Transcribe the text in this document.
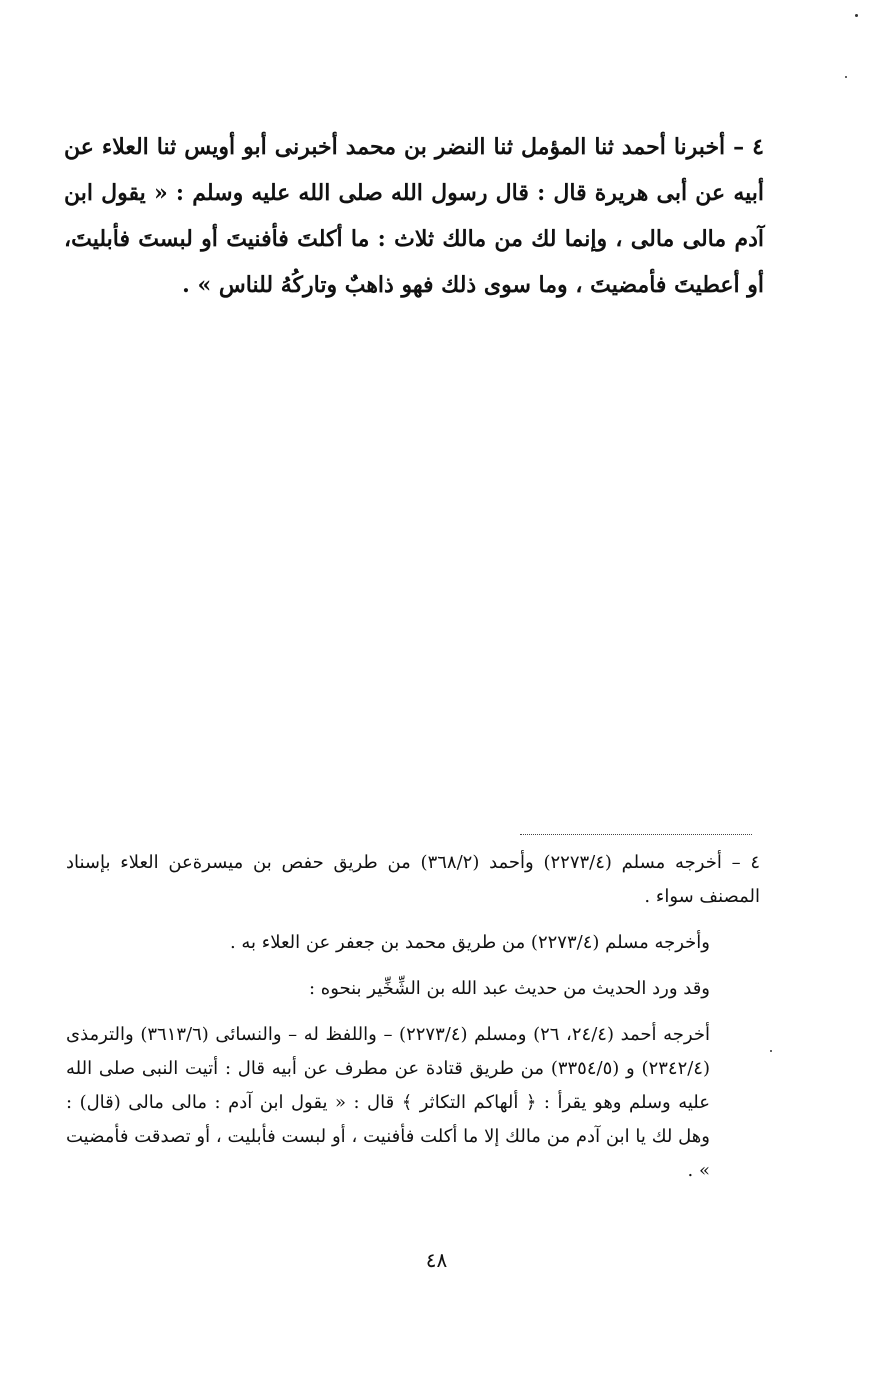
٤ – أخبرنا أحمد ثنا المؤمل ثنا النضر بن محمد أخبرنى أبو أويس ثنا العلاء عن أبيه عن أبى هريرة قال : قال رسول الله صلى الله عليه وسلم : « يقول ابن آدم مالى مالى ، وإنما لك من مالك ثلاث : ما أكلتَ فأفنيتَ أو لبستَ فأبليتَ، أو أعطيتَ فأمضيتَ ، وما سوى ذلك فهو ذاهبٌ وتاركُهُ للناس » .

٤ – أخرجه مسلم (٢٢٧٣/٤) وأحمد (٣٦٨/٢) من طريق حفص بن ميسرةعن العلاء بإسناد المصنف سواء .

وأخرجه مسلم (٢٢٧٣/٤) من طريق محمد بن جعفر عن العلاء به .

وقد ورد الحديث من حديث عبد الله بن الشِّخِّير بنحوه :

أخرجه أحمد (٢٤/٤، ٢٦) ومسلم (٢٢٧٣/٤) – واللفظ له – والنسائى (٣٦١٣/٦) والترمذى (٢٣٤٢/٤) و (٣٣٥٤/٥) من طريق قتادة عن مطرف عن أبيه قال : أتيت النبى صلى الله عليه وسلم وهو يقرأ : ﴿ ألهاكم التكاثر ﴾ قال : « يقول ابن آدم : مالى مالى (قال) : وهل لك يا ابن آدم من مالك إلا ما أكلت فأفنيت ، أو لبست فأبليت ، أو تصدقت فأمضيت » .

٤٨
